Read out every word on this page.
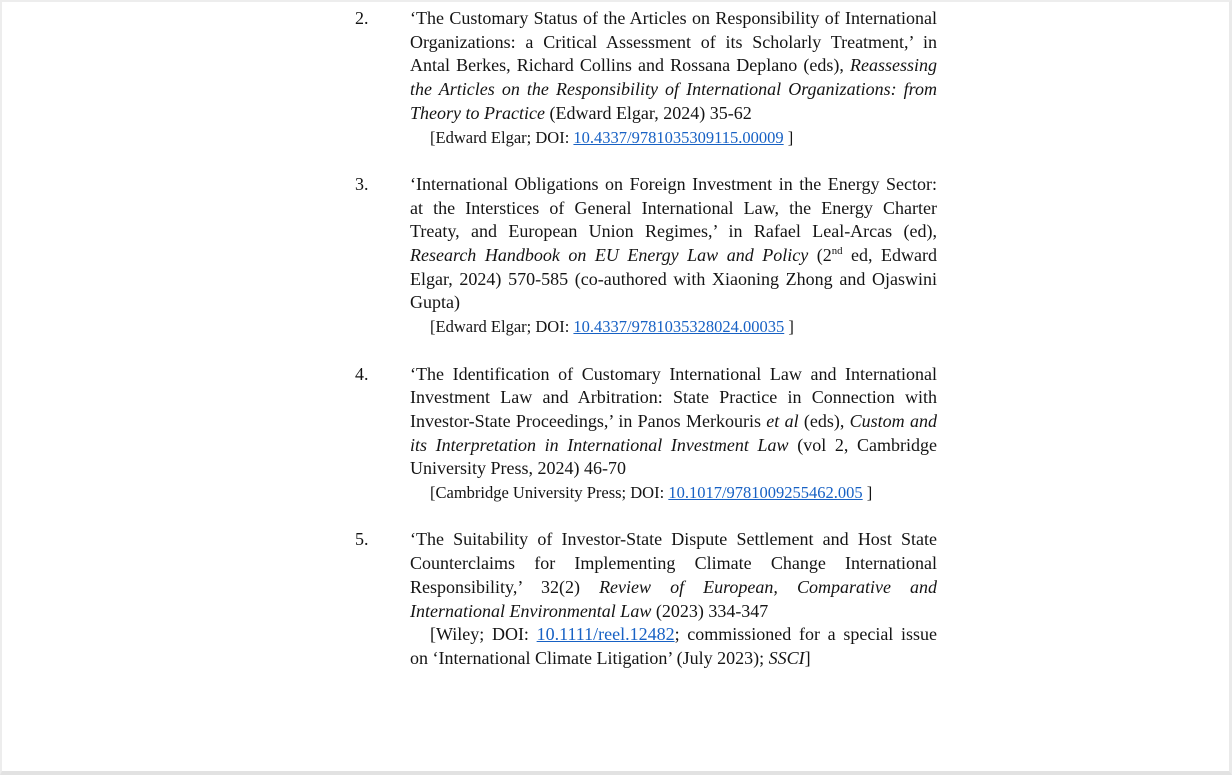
2.	‘The Customary Status of the Articles on Responsibility of International Organizations: a Critical Assessment of its Scholarly Treatment,’ in Antal Berkes, Richard Collins and Rossana Deplano (eds), Reassessing the Articles on the Responsibility of International Organizations: from Theory to Practice (Edward Elgar, 2024) 35-62

[Edward Elgar; DOI: 10.4337/9781035309115.00009 ]

3.	‘International Obligations on Foreign Investment in the Energy Sector: at the Interstices of General International Law, the Energy Charter Treaty, and European Union Regimes,’ in Rafael Leal-Arcas (ed), Research Handbook on EU Energy Law and Policy (2nd ed, Edward Elgar, 2024) 570-585 (co-authored with Xiaoning Zhong and Ojaswini Gupta)

[Edward Elgar; DOI: 10.4337/9781035328024.00035 ]

4.	‘The Identification of Customary International Law and International Investment Law and Arbitration: State Practice in Connection with Investor-State Proceedings,’ in Panos Merkouris et al (eds), Custom and its Interpretation in International Investment Law (vol 2, Cambridge University Press, 2024) 46-70

[Cambridge University Press; DOI: 10.1017/9781009255462.005 ]

5.	‘The Suitability of Investor-State Dispute Settlement and Host State Counterclaims for Implementing Climate Change International Responsibility,’ 32(2) Review of European, Comparative and International Environmental Law (2023) 334-347

[Wiley; DOI: 10.1111/reel.12482; commissioned for a special issue on ‘International Climate Litigation’ (July 2023); SSCI]
